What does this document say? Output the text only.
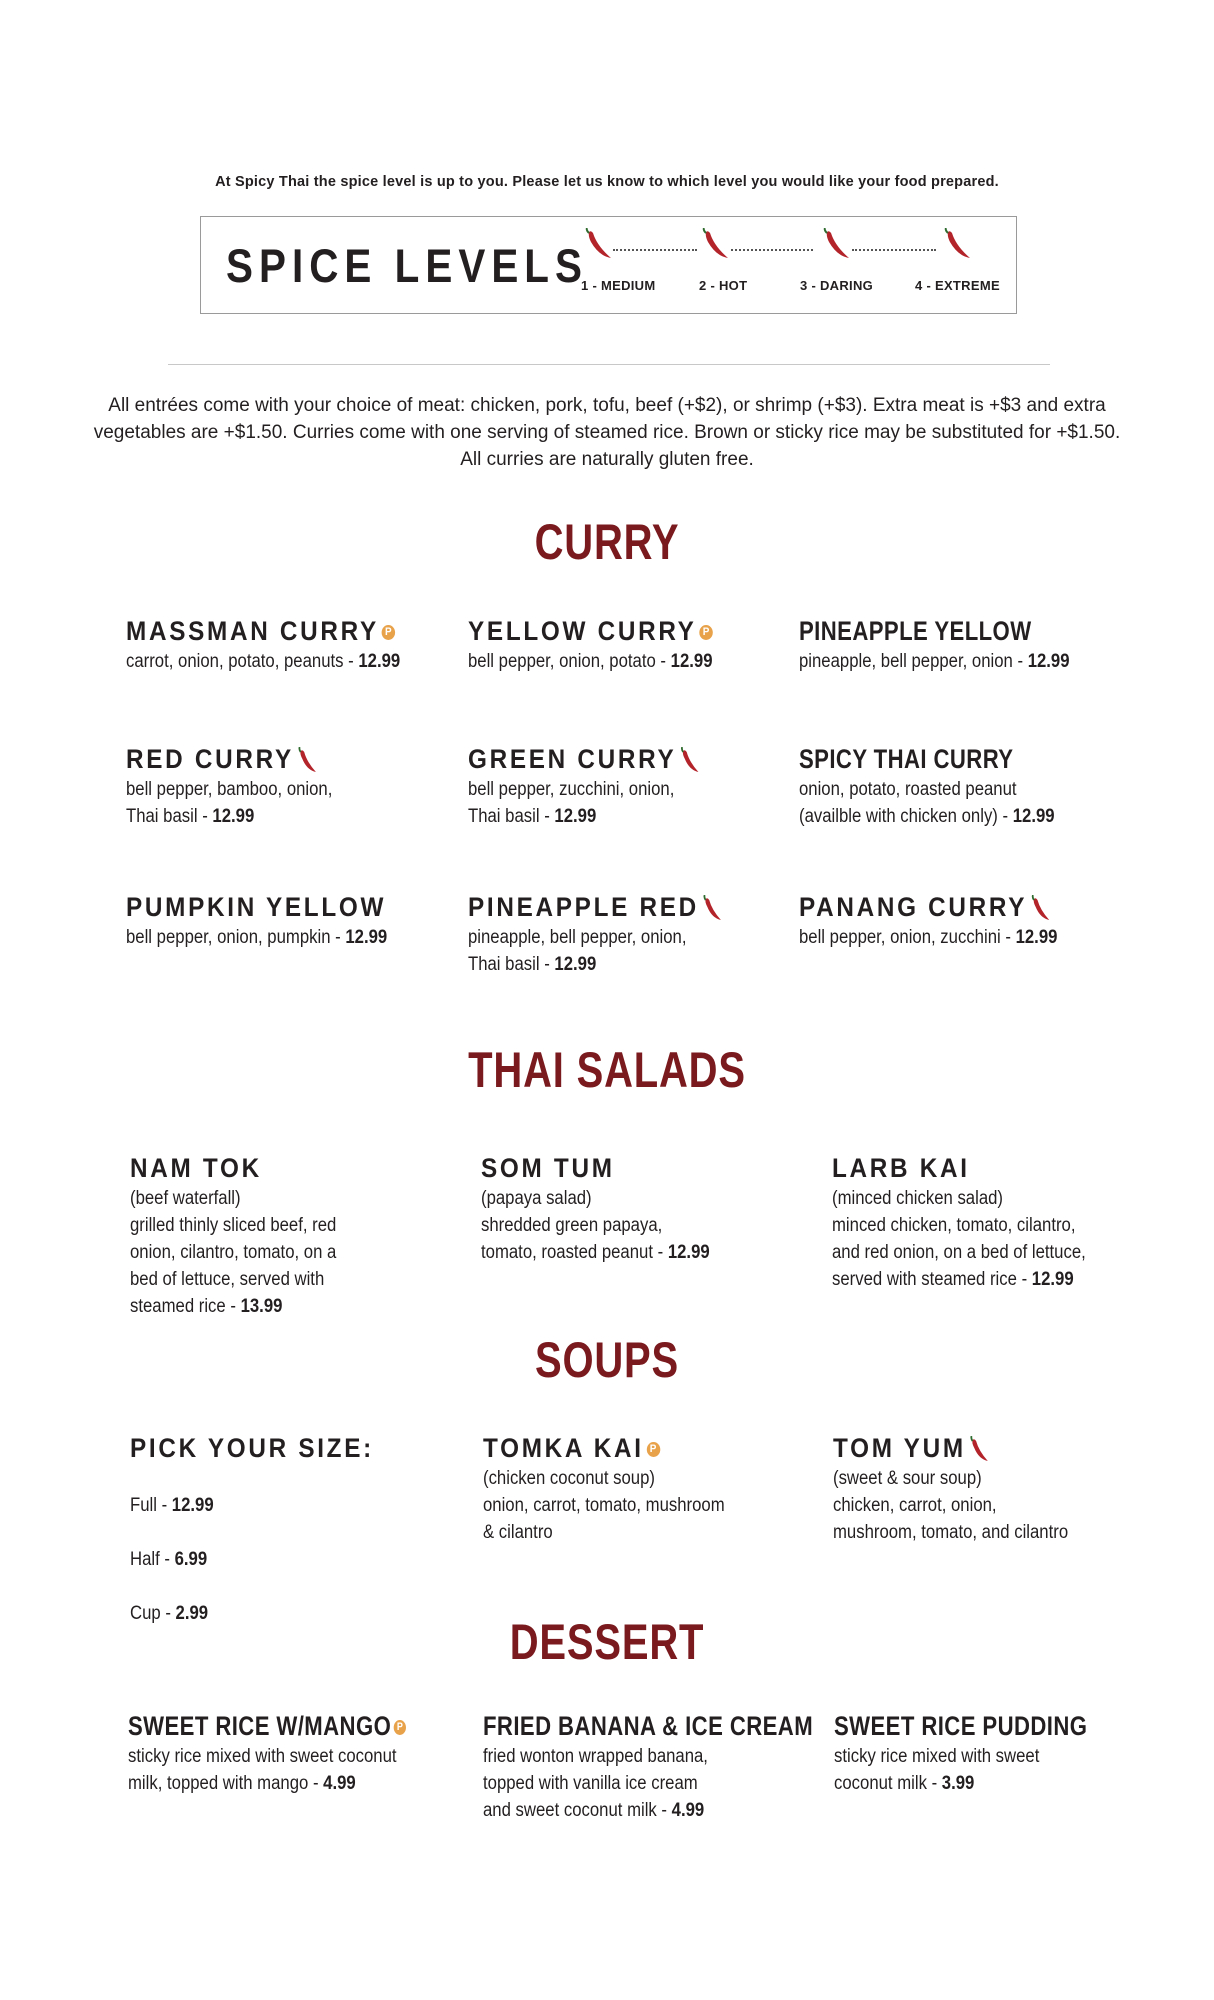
At Spicy Thai the spice level is up to you. Please let us know to which level you would like your food prepared.
SPICE LEVELS
1 - MEDIUM	2 - HOT	3 - DARING	4 - EXTREME
All entrées come with your choice of meat: chicken, pork, tofu, beef (+$2), or shrimp (+$3). Extra meat is +$3 and extra
vegetables are +$1.50. Curries come with one serving of steamed rice. Brown or sticky rice may be substituted for +$1.50.
All curries are naturally gluten free.
CURRY
MASSMAN CURRY P
carrot, onion, potato, peanuts - 12.99
YELLOW CURRY P
bell pepper, onion, potato - 12.99
PINEAPPLE YELLOW
pineapple, bell pepper, onion - 12.99
RED CURRY
bell pepper, bamboo, onion,
Thai basil - 12.99
GREEN CURRY
bell pepper, zucchini, onion,
Thai basil - 12.99
SPICY THAI CURRY
onion, potato, roasted peanut
(availble with chicken only) - 12.99
PUMPKIN YELLOW
bell pepper, onion, pumpkin - 12.99
PINEAPPLE RED
pineapple, bell pepper, onion,
Thai basil - 12.99
PANANG CURRY
bell pepper, onion, zucchini - 12.99
THAI SALADS
NAM TOK
(beef waterfall)
grilled thinly sliced beef, red
onion, cilantro, tomato, on a
bed of lettuce, served with
steamed rice - 13.99
SOM TUM
(papaya salad)
shredded green papaya,
tomato, roasted peanut - 12.99
LARB KAI
(minced chicken salad)
minced chicken, tomato, cilantro,
and red onion, on a bed of lettuce,
served with steamed rice - 12.99
SOUPS
PICK YOUR SIZE:

Full - 12.99

Half - 6.99

Cup - 2.99

TOMKA KAI P
(chicken coconut soup)
onion, carrot, tomato, mushroom
& cilantro
TOM YUM
(sweet & sour soup)
chicken, carrot, onion,
mushroom, tomato, and cilantro
DESSERT
SWEET RICE W/MANGO P
sticky rice mixed with sweet coconut
milk, topped with mango - 4.99
FRIED BANANA & ICE CREAM
fried wonton wrapped banana,
topped with vanilla ice cream
and sweet coconut milk - 4.99
SWEET RICE PUDDING
sticky rice mixed with sweet
coconut milk - 3.99
